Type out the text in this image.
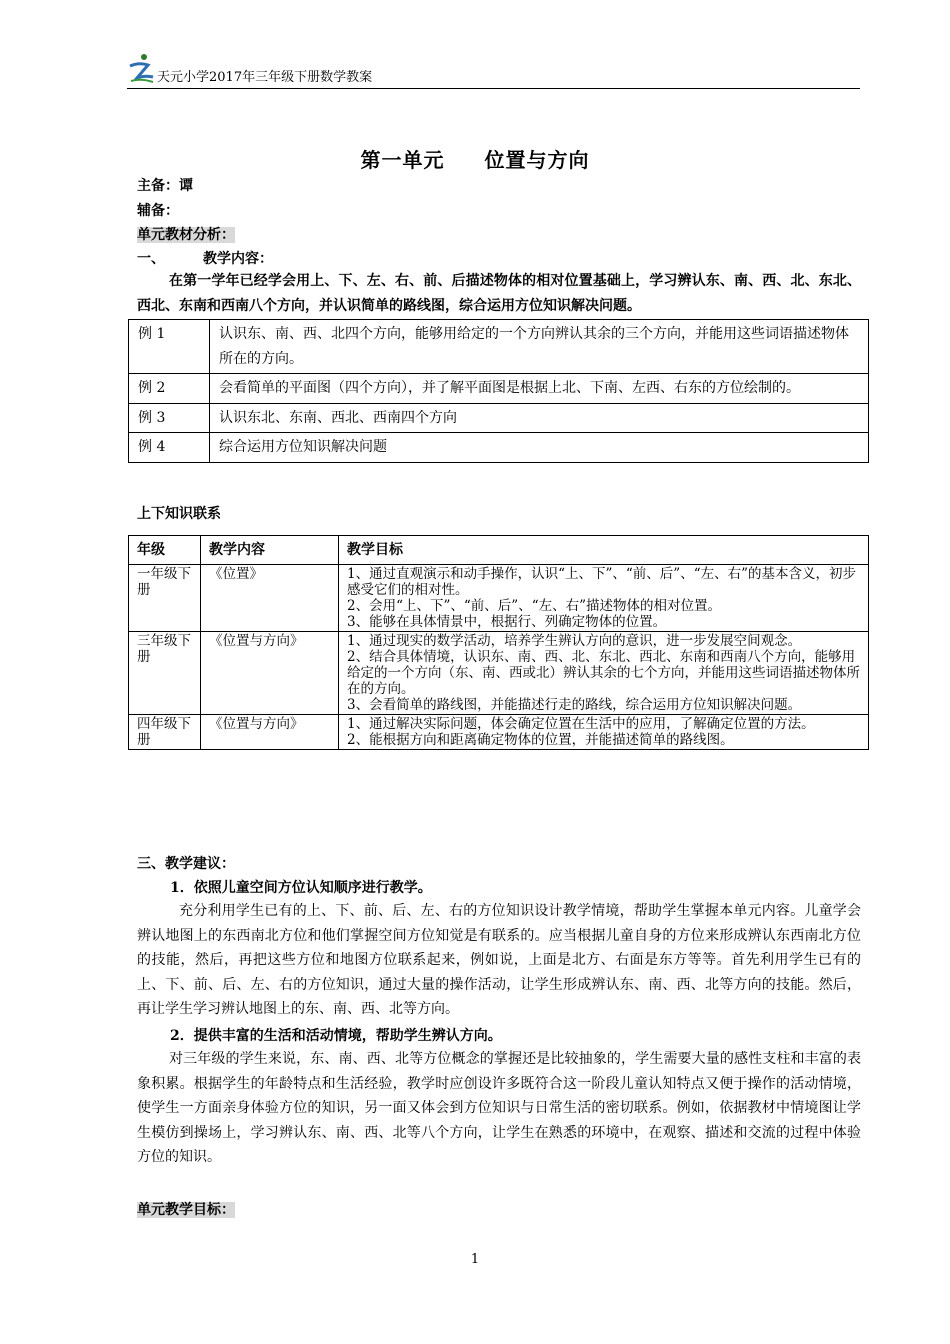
天元小学2017年三年级下册数学教案
第一单元 位置与方向
主备：谭
辅备：
单元教材分析：
一、	教学内容：
在第一学年已经学会用上、下、左、右、前、后描述物体的相对位置基础上，学习辨认东、南、西、北、东北、西北、东南和西南八个方向，并认识简单的路线图，综合运用方位知识解决问题。
例 1	认识东、南、西、北四个方向，能够用给定的一个方向辨认其余的三个方向，并能用这些词语描述物体所在的方向。
例 2	会看简单的平面图（四个方向），并了解平面图是根据上北、下南、左西、右东的方位绘制的。
例 3	认识东北、东南、西北、西南四个方向
例 4	综合运用方位知识解决问题
上下知识联系
年级	教学内容	教学目标
一年级下册	《位置》	1、通过直观演示和动手操作，认识“上、下”、“前、后”、“左、右”的基本含义，初步感受它们的相对性。
2、会用“上、下”、“前、后”、“左、右”描述物体的相对位置。
3、能够在具体情景中，根据行、列确定物体的位置。

三年级下册	《位置与方向》	1、通过现实的数学活动，培养学生辨认方向的意识，进一步发展空间观念。
2、结合具体情境，认识东、南、西、北、东北、西北、东南和西南八个方向，能够用给定的一个方向（东、南、西或北）辨认其余的七个方向，并能用这些词语描述物体所在的方向。
3、会看简单的路线图，并能描述行走的路线，综合运用方位知识解决问题。

四年级下册	《位置与方向》	1、通过解决实际问题，体会确定位置在生活中的应用，了解确定位置的方法。
2、能根据方向和距离确定物体的位置，并能描述简单的路线图。
三、教学建议：
1．依照儿童空间方位认知顺序进行教学。
充分利用学生已有的上、下、前、后、左、右的方位知识设计教学情境，帮助学生掌握本单元内容。儿童学会辨认地图上的东西南北方位和他们掌握空间方位知觉是有联系的。应当根据儿童自身的方位来形成辨认东西南北方位的技能，然后，再把这些方位和地图方位联系起来，例如说，上面是北方、右面是东方等等。首先利用学生已有的上、下、前、后、左、右的方位知识，通过大量的操作活动，让学生形成辨认东、南、西、北等方向的技能。然后，再让学生学习辨认地图上的东、南、西、北等方向。
2．提供丰富的生活和活动情境，帮助学生辨认方向。
对三年级的学生来说，东、南、西、北等方位概念的掌握还是比较抽象的，学生需要大量的感性支柱和丰富的表象积累。根据学生的年龄特点和生活经验，教学时应创设许多既符合这一阶段儿童认知特点又便于操作的活动情境，使学生一方面亲身体验方位的知识，另一面又体会到方位知识与日常生活的密切联系。例如，依据教材中情境图让学生模仿到操场上，学习辨认东、南、西、北等八个方向，让学生在熟悉的环境中，在观察、描述和交流的过程中体验方位的知识。
单元教学目标：
1
